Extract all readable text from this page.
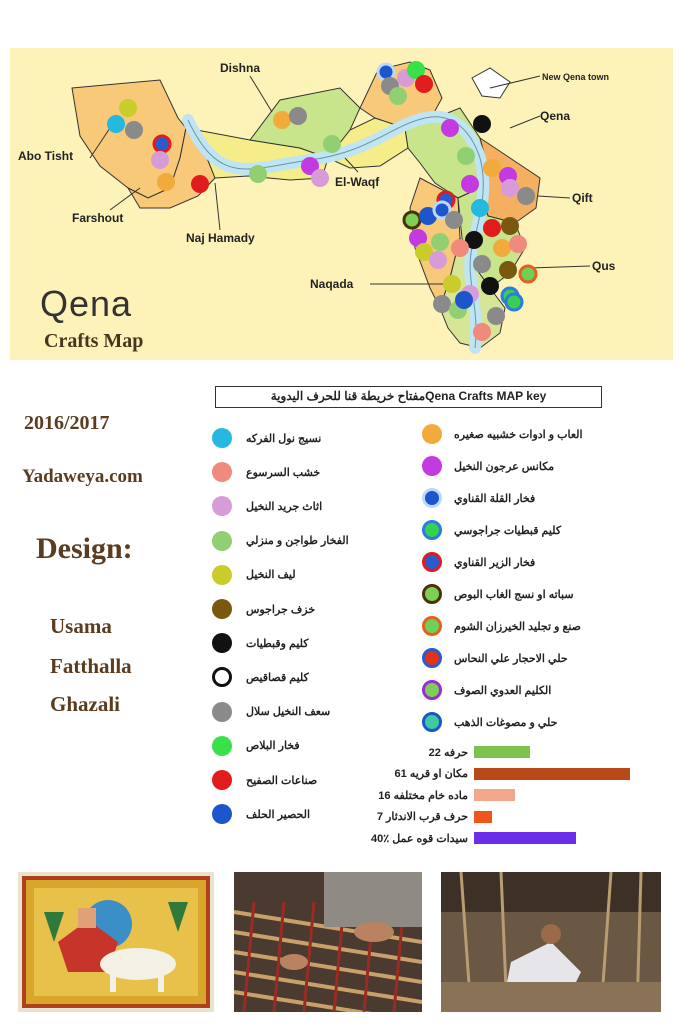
Dishna
New Qena town
Qena
Abo Tisht
El-Waqf
Qift
Farshout
Naj Hamady
Qus
Naqada
Qena
Crafts Map
مفتاح خريطة قنا للحرف اليدويةQena Crafts MAP key
2016/2017
Yadaweya.com
Design:
Usama
Fatthalla
Ghazali
نسيج نول الفركه
خشب السرسوع
اثاث جريد النخيل
الفخار طواجن و منزلي
ليف النخيل
خزف جراجوس
كليم وقبطيات
كليم قصاقيص
سعف النخيل سلال
فخار البلاص
صناعات الصفيح
الحصير الحلف
العاب و ادوات خشبيه صغيره
مكانس عرجون النخيل
فخار القلة القناوي
كليم قبطيات جراجوسي
فخار الزير القناوي
سباته او نسج الغاب البوص
صنع و تجليد الخيرزان الشوم
حلي الاحجار علي النحاس
الكليم العدوي الصوف
حلي و مصوغات الذهب
22 حرفه
61 مكان او قريه
16 ماده خام مختلفه
7 حرف قرب الاندثار
40٪ سيدات قوه عمل
